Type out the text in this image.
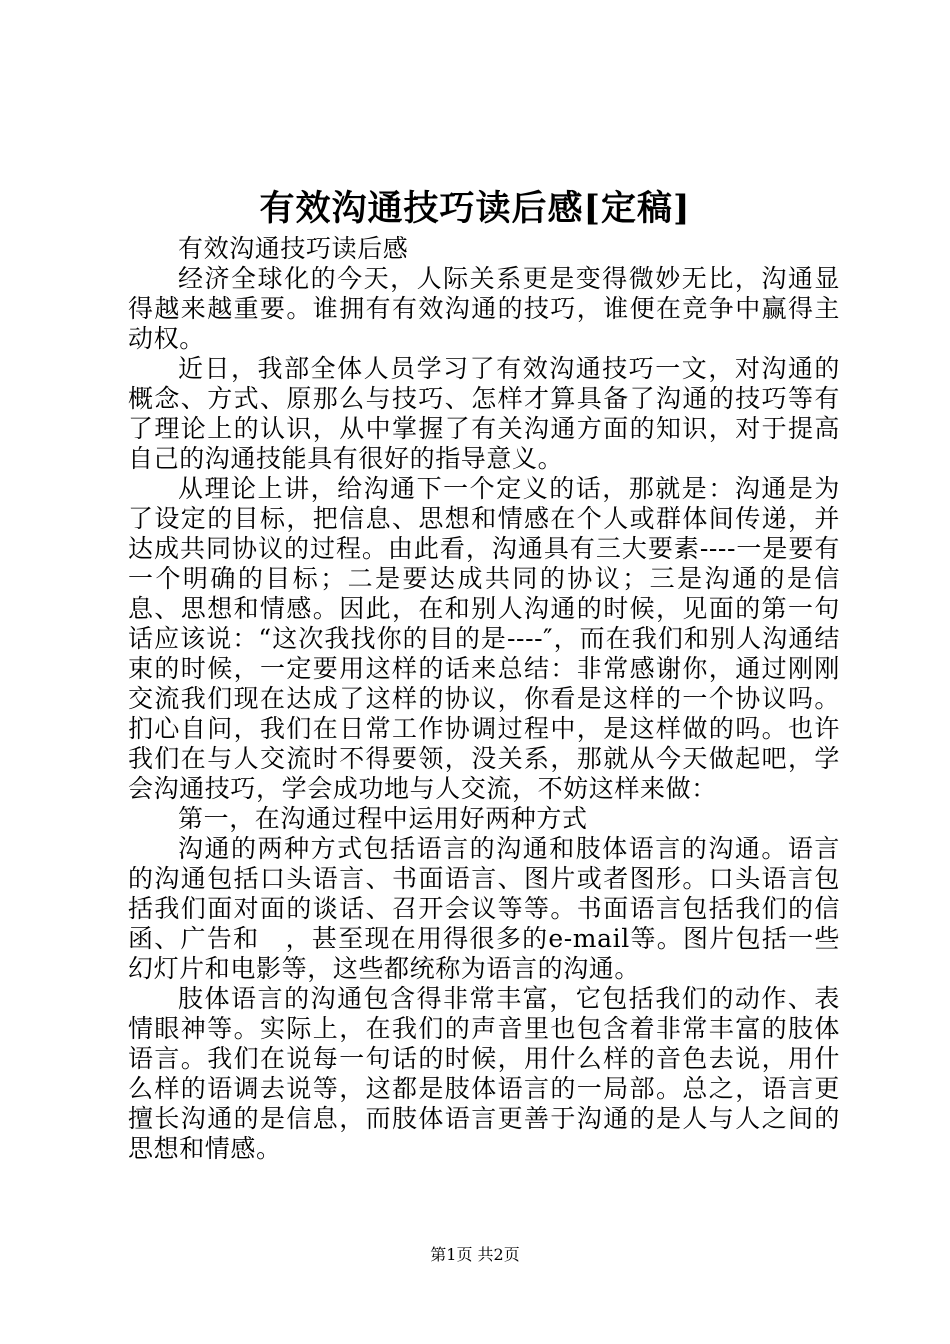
有效沟通技巧读后感[定稿]

有效沟通技巧读后感

经济全球化的今天，人际关系更是变得微妙无比，沟通显得越来越重要。谁拥有有效沟通的技巧，谁便在竞争中赢得主动权。

近日，我部全体人员学习了有效沟通技巧一文，对沟通的概念、方式、原那么与技巧、怎样才算具备了沟通的技巧等有了理论上的认识，从中掌握了有关沟通方面的知识，对于提高自己的沟通技能具有很好的指导意义。

从理论上讲，给沟通下一个定义的话，那就是：沟通是为了设定的目标，把信息、思想和情感在个人或群体间传递，并达成共同协议的过程。由此看，沟通具有三大要素----一是要有一个明确的目标；二是要达成共同的协议；三是沟通的是信息、思想和情感。因此，在和别人沟通的时候，见面的第一句话应该说：“这次我找你的目的是----″，而在我们和别人沟通结束的时候，一定要用这样的话来总结：非常感谢你，通过刚刚交流我们现在达成了这样的协议，你看是这样的一个协议吗。扪心自问，我们在日常工作协调过程中，是这样做的吗。也许我们在与人交流时不得要领，没关系，那就从今天做起吧，学会沟通技巧，学会成功地与人交流，不妨这样来做：

第一，在沟通过程中运用好两种方式

沟通的两种方式包括语言的沟通和肢体语言的沟通。语言的沟通包括口头语言、书面语言、图片或者图形。口头语言包括我们面对面的谈话、召开会议等等。书面语言包括我们的信函、广告和　，甚至现在用得很多的e-mail等。图片包括一些幻灯片和电影等，这些都统称为语言的沟通。

肢体语言的沟通包含得非常丰富，它包括我们的动作、表情眼神等。实际上，在我们的声音里也包含着非常丰富的肢体语言。我们在说每一句话的时候，用什么样的音色去说，用什么样的语调去说等，这都是肢体语言的一局部。总之，语言更擅长沟通的是信息，而肢体语言更善于沟通的是人与人之间的思想和情感。

第1页 共2页
